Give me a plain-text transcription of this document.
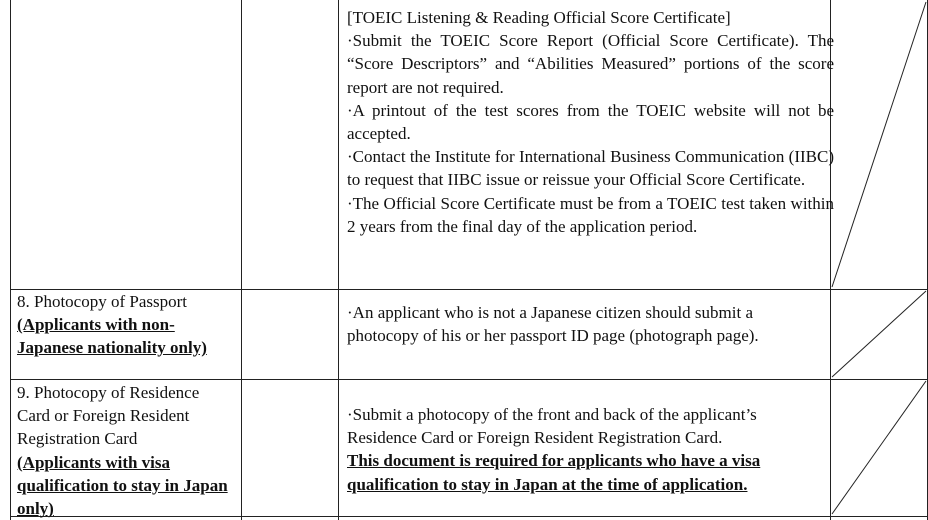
[TOEIC Listening & Reading Official Score Certificate]

·Submit the TOEIC Score Report (Official Score Certificate). The “Score Descriptors” and “Abilities Measured” portions of the score report are not required.

·A printout of the test scores from the TOEIC website will not be accepted.

·Contact the Institute for International Business Communication (IIBC) to request that IIBC issue or reissue your Official Score Certificate.

·The Official Score Certificate must be from a TOEIC test taken within 2 years from the final day of the application period.

8. Photocopy of Passport

(Applicants with non-Japanese nationality only)

·An applicant who is not a Japanese citizen should submit a photocopy of his or her passport ID page (photograph page).

9. Photocopy of Residence Card or Foreign Resident Registration Card

(Applicants with visa qualification to stay in Japan only)

·Submit a photocopy of the front and back of the applicant’s Residence Card or Foreign Resident Registration Card.

This document is required for applicants who have a visa qualification to stay in Japan at the time of application.
